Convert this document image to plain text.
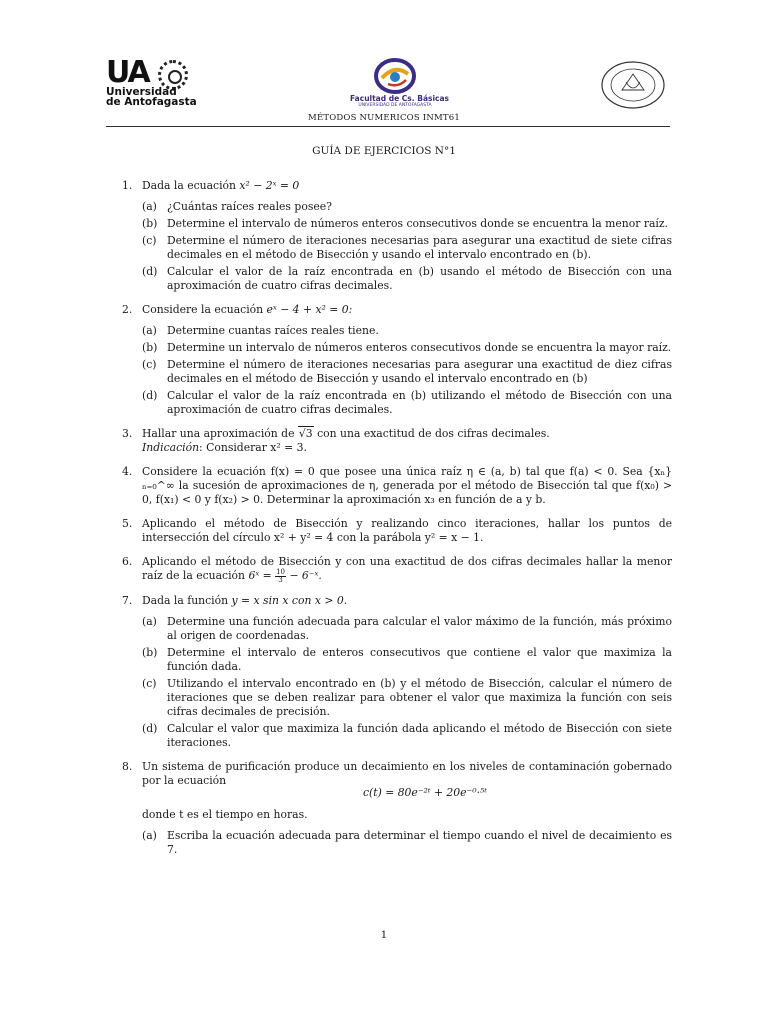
UA
Universidad
de Antofagasta	Facultad de Cs. Básicas
UNIVERSIDAD DE ANTOFAGASTA
MÉTODOS NUMERICOS INMT61
GUÍA DE EJERCICIOS N°1
1. Dada la ecuación x² − 2ˣ = 0
(a) ¿Cuántas raíces reales posee?
(b) Determine el intervalo de números enteros consecutivos donde se encuentra la menor raíz.
(c) Determine el número de iteraciones necesarias para asegurar una exactitud de siete cifras decimales en el método de Bisección y usando el intervalo encontrado en (b).
(d) Calcular el valor de la raíz encontrada en (b) usando el método de Bisección con una aproximación de cuatro cifras decimales.
2. Considere la ecuación eˣ − 4 + x² = 0:
(a) Determine cuantas raíces reales tiene.
(b) Determine un intervalo de números enteros consecutivos donde se encuentra la mayor raíz.
(c) Determine el número de iteraciones necesarias para asegurar una exactitud de diez cifras decimales en el método de Bisección y usando el intervalo encontrado en (b)
(d) Calcular el valor de la raíz encontrada en (b) utilizando el método de Bisección con una aproximación de cuatro cifras decimales.
3. Hallar una aproximación de √3 con una exactitud de dos cifras decimales.
Indicación: Considerar x² = 3.
4. Considere la ecuación f(x) = 0 que posee una única raíz η ∈ (a, b) tal que f(a) < 0. Sea {xₙ}ₙ₌₀^∞ la sucesión de aproximaciones de η, generada por el método de Bisección tal que f(x₀) > 0, f(x₁) < 0 y f(x₂) > 0. Determinar la aproximación x₃ en función de a y b.
5. Aplicando el método de Bisección y realizando cinco iteraciones, hallar los puntos de intersección del círculo x² + y² = 4 con la parábola y² = x − 1.
6. Aplicando el método de Bisección y con una exactitud de dos cifras decimales hallar la menor raíz de la ecuación 6ˣ = $\frac{10}{3}$ − 6⁻ˣ.
7. Dada la función y = x sin x con x > 0.
(a) Determine una función adecuada para calcular el valor máximo de la función, más próximo al origen de coordenadas.
(b) Determine el intervalo de enteros consecutivos que contiene el valor que maximiza la función dada.
(c) Utilizando el intervalo encontrado en (b) y el método de Bisección, calcular el número de iteraciones que se deben realizar para obtener el valor que maximiza la función con seis cifras decimales de precisión.
(d) Calcular el valor que maximiza la función dada aplicando el método de Bisección con siete iteraciones.
8. Un sistema de purificación produce un decaimiento en los niveles de contaminación gobernado por la ecuación
c(t) = 80e⁻²ᵗ + 20e⁻⁰·⁵ᵗ
donde t es el tiempo en horas.
(a) Escriba la ecuación adecuada para determinar el tiempo cuando el nivel de decaimiento es 7.
1
